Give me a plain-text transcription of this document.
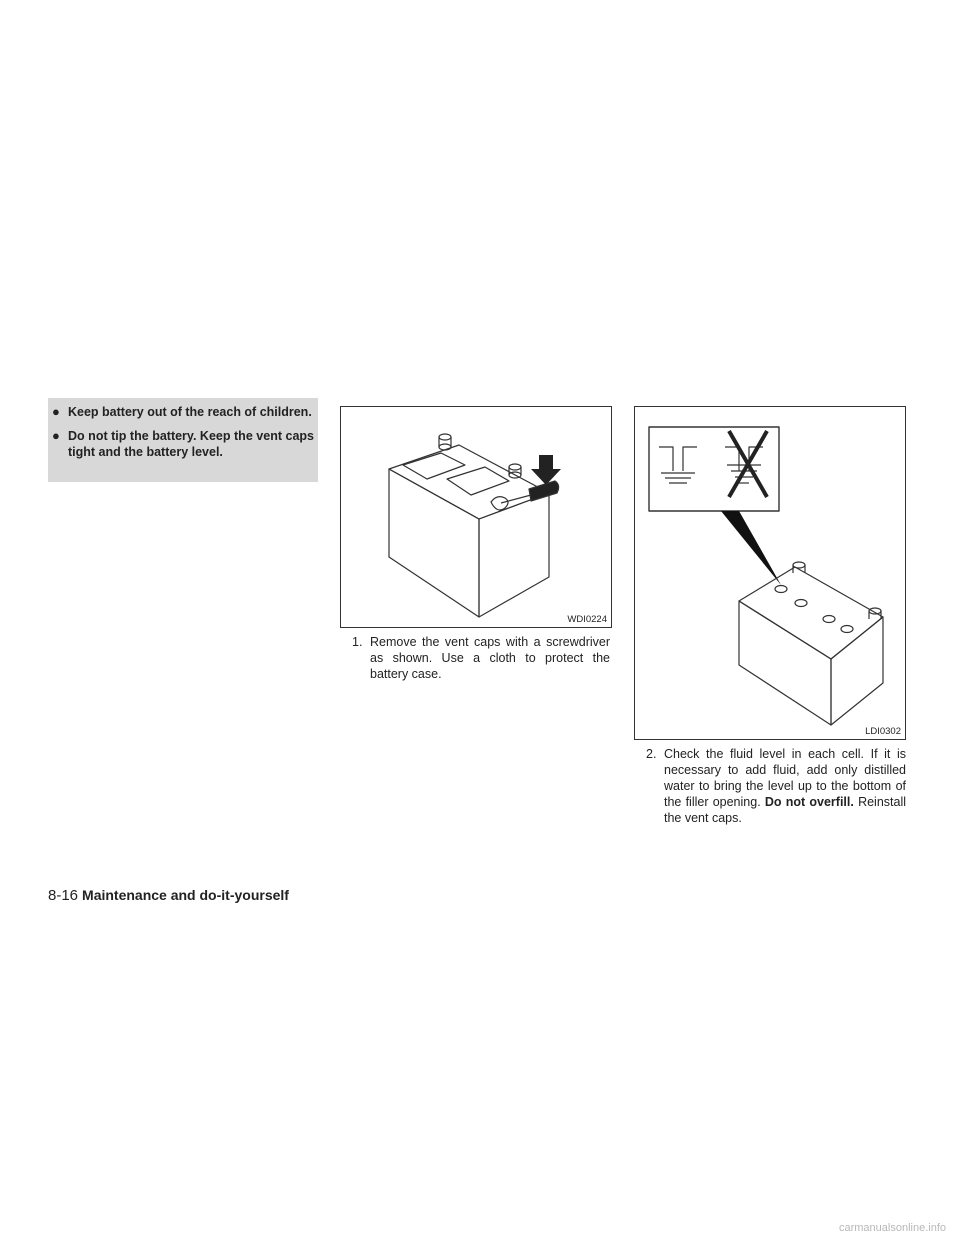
● Keep battery out of the reach of children.
● Do not tip the battery. Keep the vent caps tight and the battery level.
WDI0224
1. Remove the vent caps with a screwdriver as shown. Use a cloth to protect the battery case.
LDI0302
2. Check the fluid level in each cell. If it is necessary to add fluid, add only distilled water to bring the level up to the bottom of the filler opening. Do not overfill. Reinstall the vent caps.
8-16 Maintenance and do-it-yourself
carmanualsonline.info
